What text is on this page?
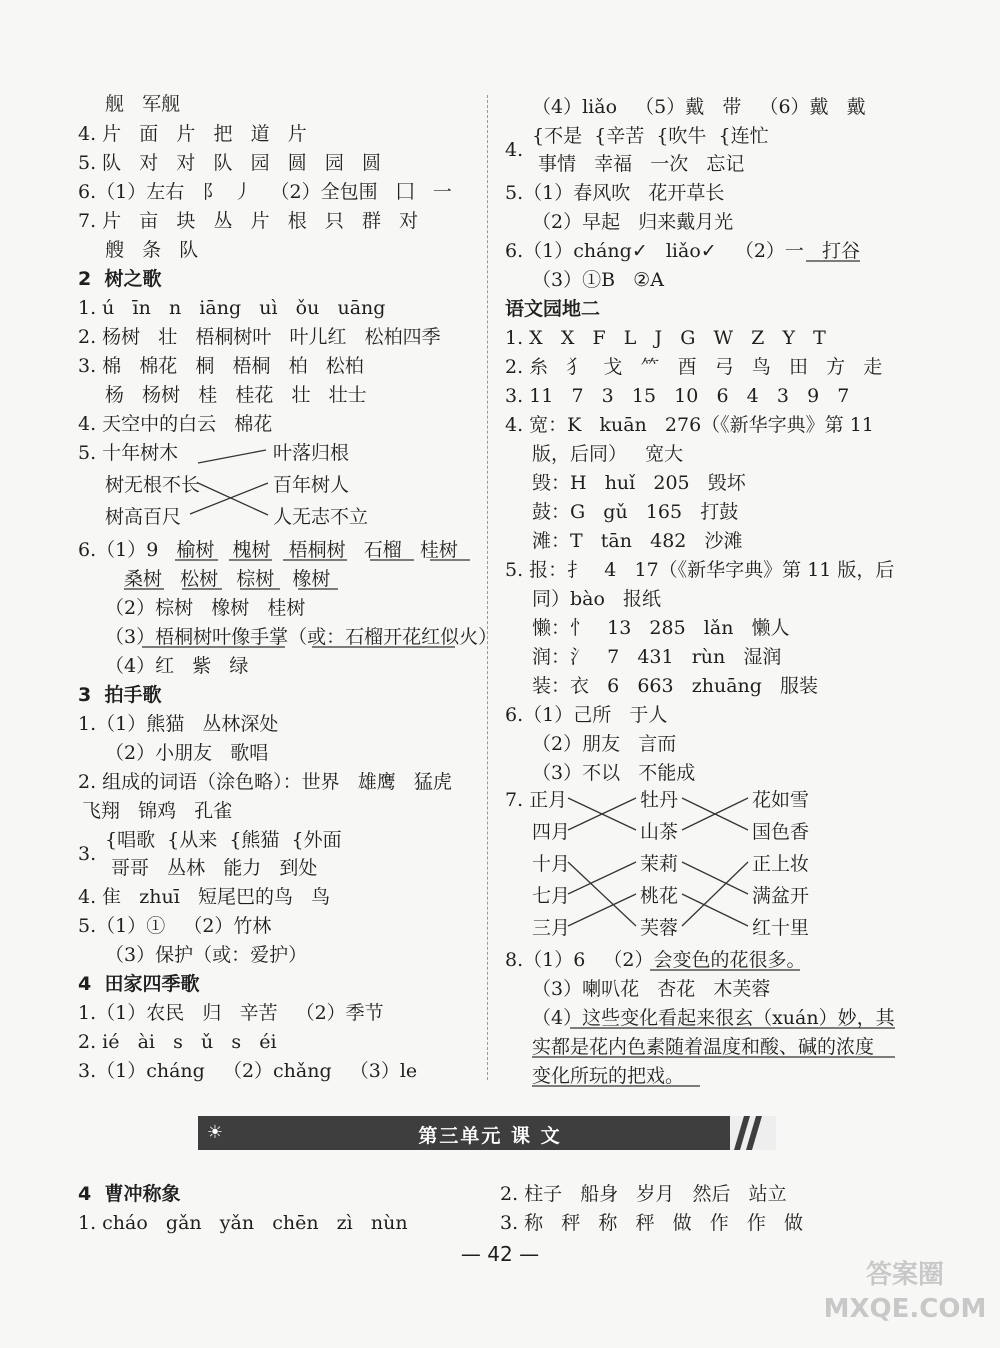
舰   军舰
4. 片   面   片   把   道   片
5. 队   对   对   队   园   圆   园   圆
6.（1）左右   阝  丿   （2）全包围   囗   一
7. 片   亩   块   丛   片   根   只   群   对
艘   条   队
2  树之歌
1. ú   īn   n   iāng   uì   ǒu   uāng
2. 杨树   壮   梧桐树叶   叶儿红   松柏四季
3. 棉   棉花   桐   梧桐   柏   松柏
杨   杨树   桂   桂花   壮   壮士
4. 天空中的白云   棉花
5. 十年树木	叶落归根
树无根不长	百年树人
树高百尺	人无志不立
6.（1）9   榆树   槐树   梧桐树   石榴   桂树
桑树   松树   棕树   橡树
（2）棕树   橡树   桂树
（3）梧桐树叶像手掌（或：石榴开花红似火）
（4）红   紫   绿
3  拍手歌
1.（1）熊猫   丛林深处
（2）小朋友   歌唱
2. 组成的词语（涂色略）：世界   雄鹰   猛虎
飞翔   锦鸡   孔雀
{唱歌  {从来  {熊猫  {外面
3.
哥哥   丛林   能力   到处
4. 隹   zhuī   短尾巴的鸟   鸟
5.（1）①   （2）竹林
（3）保护（或：爱护）
4  田家四季歌
1.（1）农民   归   辛苦   （2）季节
2. ié   ài   s   ǔ   s   éi
3.（1）cháng   （2）chǎng   （3）le
（4）liǎo   （5）戴   带   （6）戴   戴
4.
{不是  {辛苦  {吹牛  {连忙
事情   幸福   一次   忘记
5.（1）春风吹   花开草长
（2）早起   归来戴月光
6.（1）cháng✓   liǎo✓   （2）一   打谷
（3）①B   ②A
语文园地二
1. X   X   F   L   J   G   W   Z   Y   T
2. 糸   犭   戈   ⺮   酉   弓   鸟   田   方   走
3. 11   7   3   15   10   6   4   3   9   7
4. 宽：K   kuān   276（《新华字典》第 11
版，后同）   宽大
毁：H   huǐ   205   毁坏
鼓：G   gǔ   165   打鼓
滩：T   tān   482   沙滩
5. 报：扌   4   17（《新华字典》第 11 版，后
同）bào   报纸
懒：忄   13   285   lǎn   懒人
润：氵   7   431   rùn   湿润
装：衣   6   663   zhuāng   服装
6.（1）己所   于人
（2）朋友   言而
（3）不以   不能成
7. 正月	牡丹	花如雪
四月	山茶	国色香
十月	茉莉	正上妆
七月	桃花	满盆开
三月	芙蓉	红十里
8.（1）6   （2）会变色的花很多。
（3）喇叭花   杏花   木芙蓉
（4）这些变化看起来很玄（xuán）妙，其
实都是花内色素随着温度和酸、碱的浓度
变化所玩的把戏。
4  曹冲称象
1. cháo   gǎn   yǎn   chēn   zì   nùn
2. 柱子   船身   岁月   然后   站立
3. 称   秤   称   秤   做   作   作   做
☀	第三单元 课 文
— 42 —
答案圈
MXQE.COM
